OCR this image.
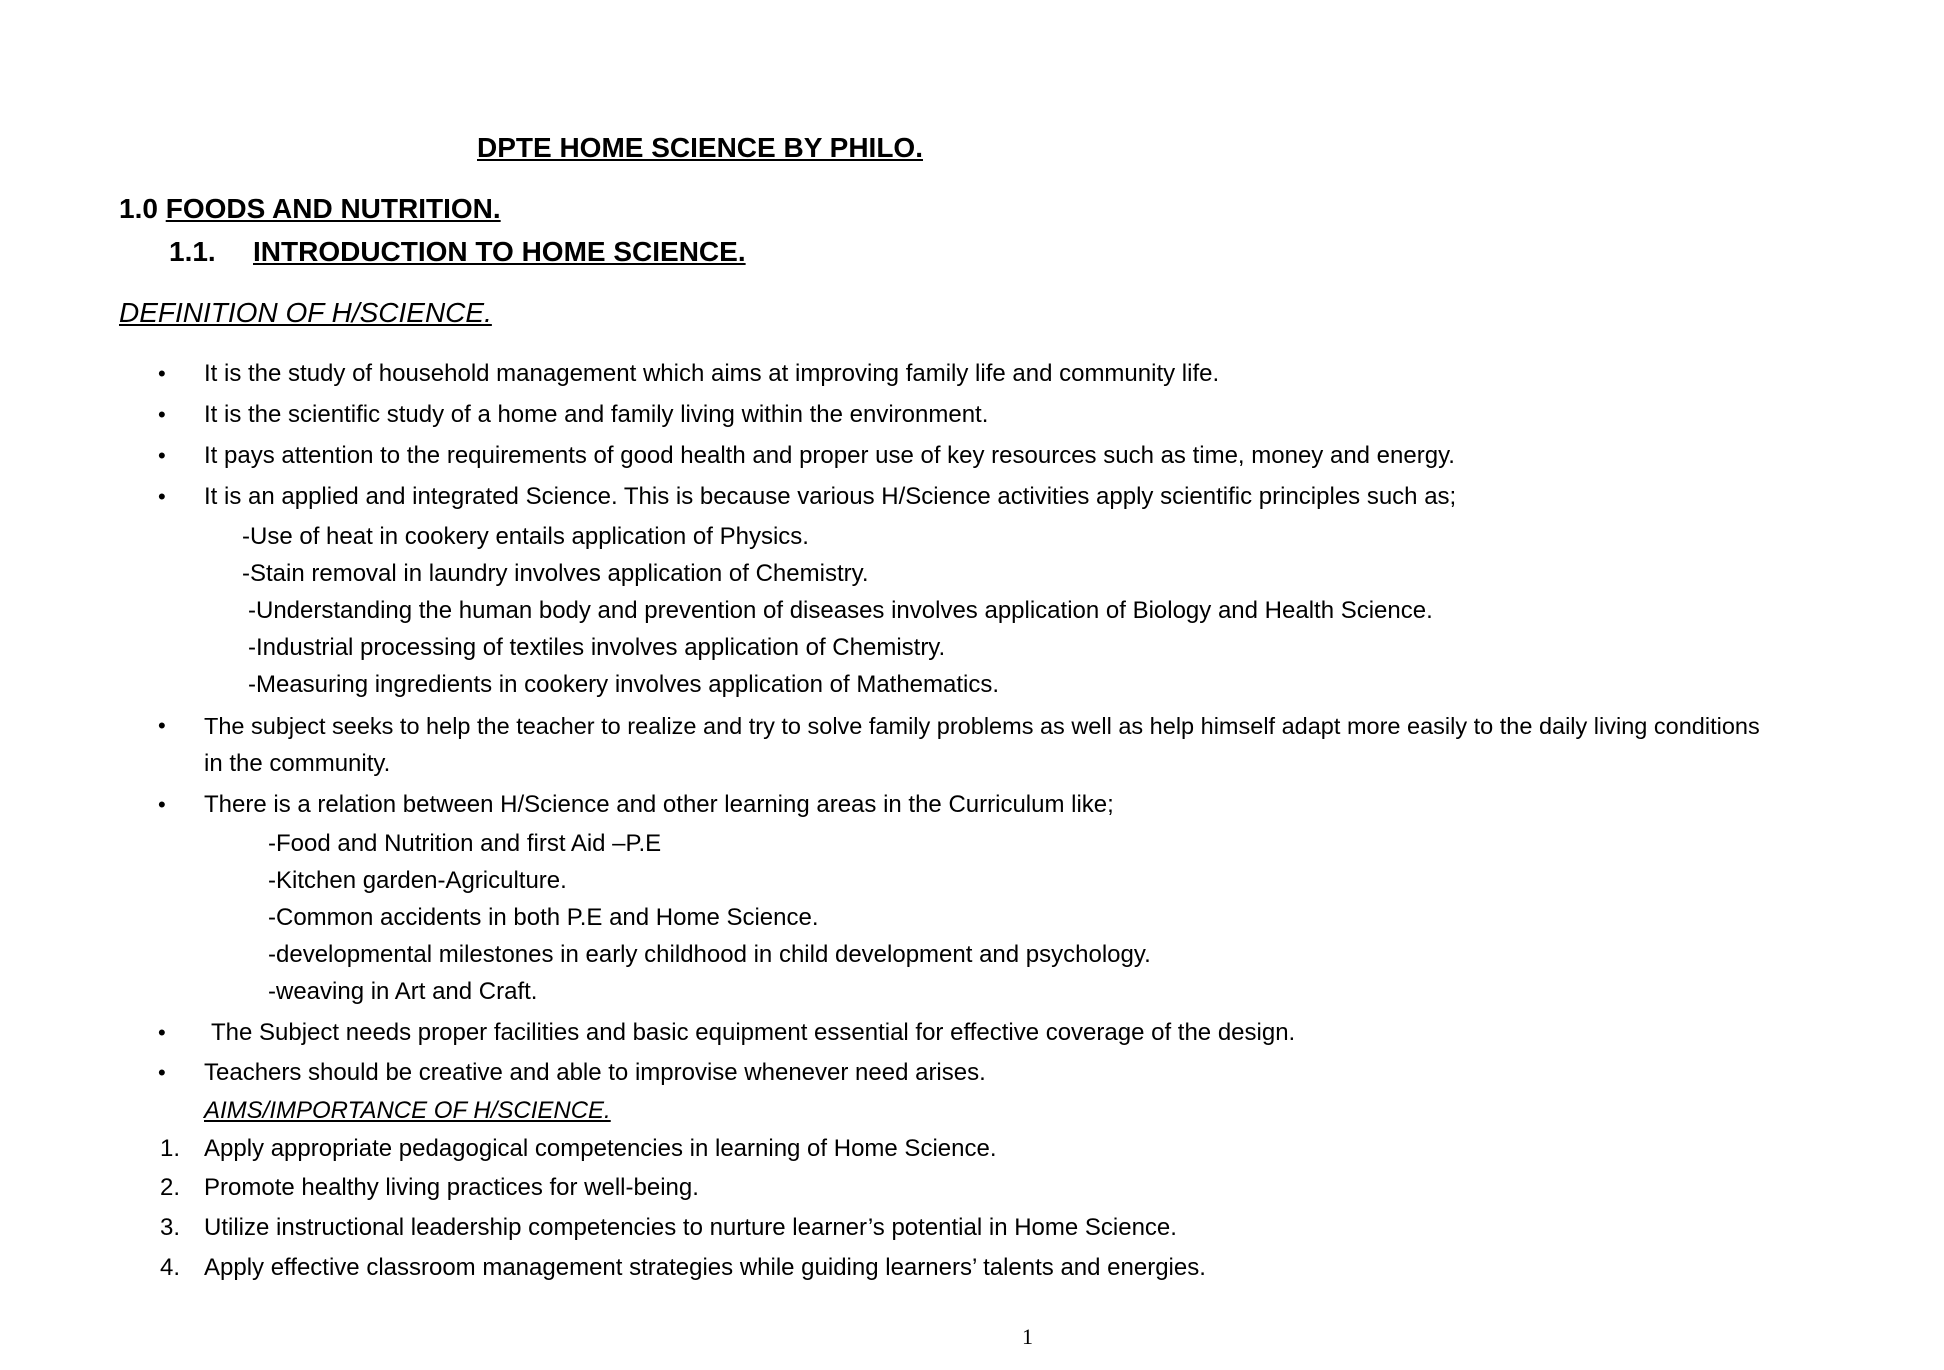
DPTE HOME SCIENCE BY PHILO.

1.0 FOODS AND NUTRITION.

1.1. INTRODUCTION TO HOME SCIENCE.

DEFINITION OF H/SCIENCE.

•	It is the study of household management which aims at improving family life and community life.

•	It is the scientific study of a home and family living within the environment.

•	It pays attention to the requirements of good health and proper use of key resources such as time, money and energy.

•	It is an applied and integrated Science. This is because various H/Science activities apply scientific principles such as;

-Use of heat in cookery entails application of Physics.

-Stain removal in laundry involves application of Chemistry.

-Understanding the human body and prevention of diseases involves application of Biology and Health Science.

-Industrial processing of textiles involves application of Chemistry.

-Measuring ingredients in cookery involves application of Mathematics.

•	The subject seeks to help the teacher to realize and try to solve family problems as well as help himself adapt more easily to the daily living conditions

in the community.

•	There is a relation between H/Science and other learning areas in the Curriculum like;

-Food and Nutrition and first Aid –P.E

-Kitchen garden-Agriculture.

-Common accidents in both P.E and Home Science.

-developmental milestones in early childhood in child development and psychology.

-weaving in Art and Craft.

•	The Subject needs proper facilities and basic equipment essential for effective coverage of the design.

•	Teachers should be creative and able to improvise whenever need arises.

AIMS/IMPORTANCE OF H/SCIENCE.

1. Apply appropriate pedagogical competencies in learning of Home Science.

2. Promote healthy living practices for well-being.

3. Utilize instructional leadership competencies to nurture learner’s potential in Home Science.

4. Apply effective classroom management strategies while guiding learners’ talents and energies.

1
